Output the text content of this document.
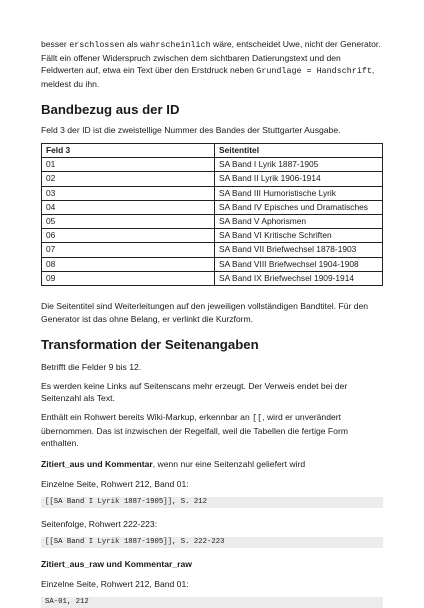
besser erschlossen als wahrscheinlich wäre, entscheidet Uwe, nicht der Generator. Fällt ein offener Widerspruch zwischen dem sichtbaren Datierungstext und den Feldwerten auf, etwa ein Text über den Erstdruck neben Grundlage = Handschrift, meldest du ihn.

Bandbezug aus der ID

Feld 3 der ID ist die zweistellige Nummer des Bandes der Stuttgarter Ausgabe.

Feld 3	Seitentitel
01	SA Band I Lyrik 1887-1905
02	SA Band II Lyrik 1906-1914
03	SA Band III Humoristische Lyrik
04	SA Band IV Episches und Dramatisches
05	SA Band V Aphorismen
06	SA Band VI Kritische Schriften
07	SA Band VII Briefwechsel 1878-1903
08	SA Band VIII Briefwechsel 1904-1908
09	SA Band IX Briefwechsel 1909-1914

Die Seitentitel sind Weiterleitungen auf den jeweiligen vollständigen Bandtitel. Für den Generator ist das ohne Belang, er verlinkt die Kurzform.

Transformation der Seitenangaben

Betrifft die Felder 9 bis 12.

Es werden keine Links auf Seitenscans mehr erzeugt. Der Verweis endet bei der Seitenzahl als Text.

Enthält ein Rohwert bereits Wiki-Markup, erkennbar an [[, wird er unverändert übernommen. Das ist inzwischen der Regelfall, weil die Tabellen die fertige Form enthalten.

Zitiert_aus und Kommentar, wenn nur eine Seitenzahl geliefert wird

Einzelne Seite, Rohwert 212, Band 01:

[[SA Band I Lyrik 1887-1905]], S. 212

Seitenfolge, Rohwert 222-223:

[[SA Band I Lyrik 1887-1905]], S. 222-223

Zitiert_aus_raw und Kommentar_raw

Einzelne Seite, Rohwert 212, Band 01:

SA-01, 212
